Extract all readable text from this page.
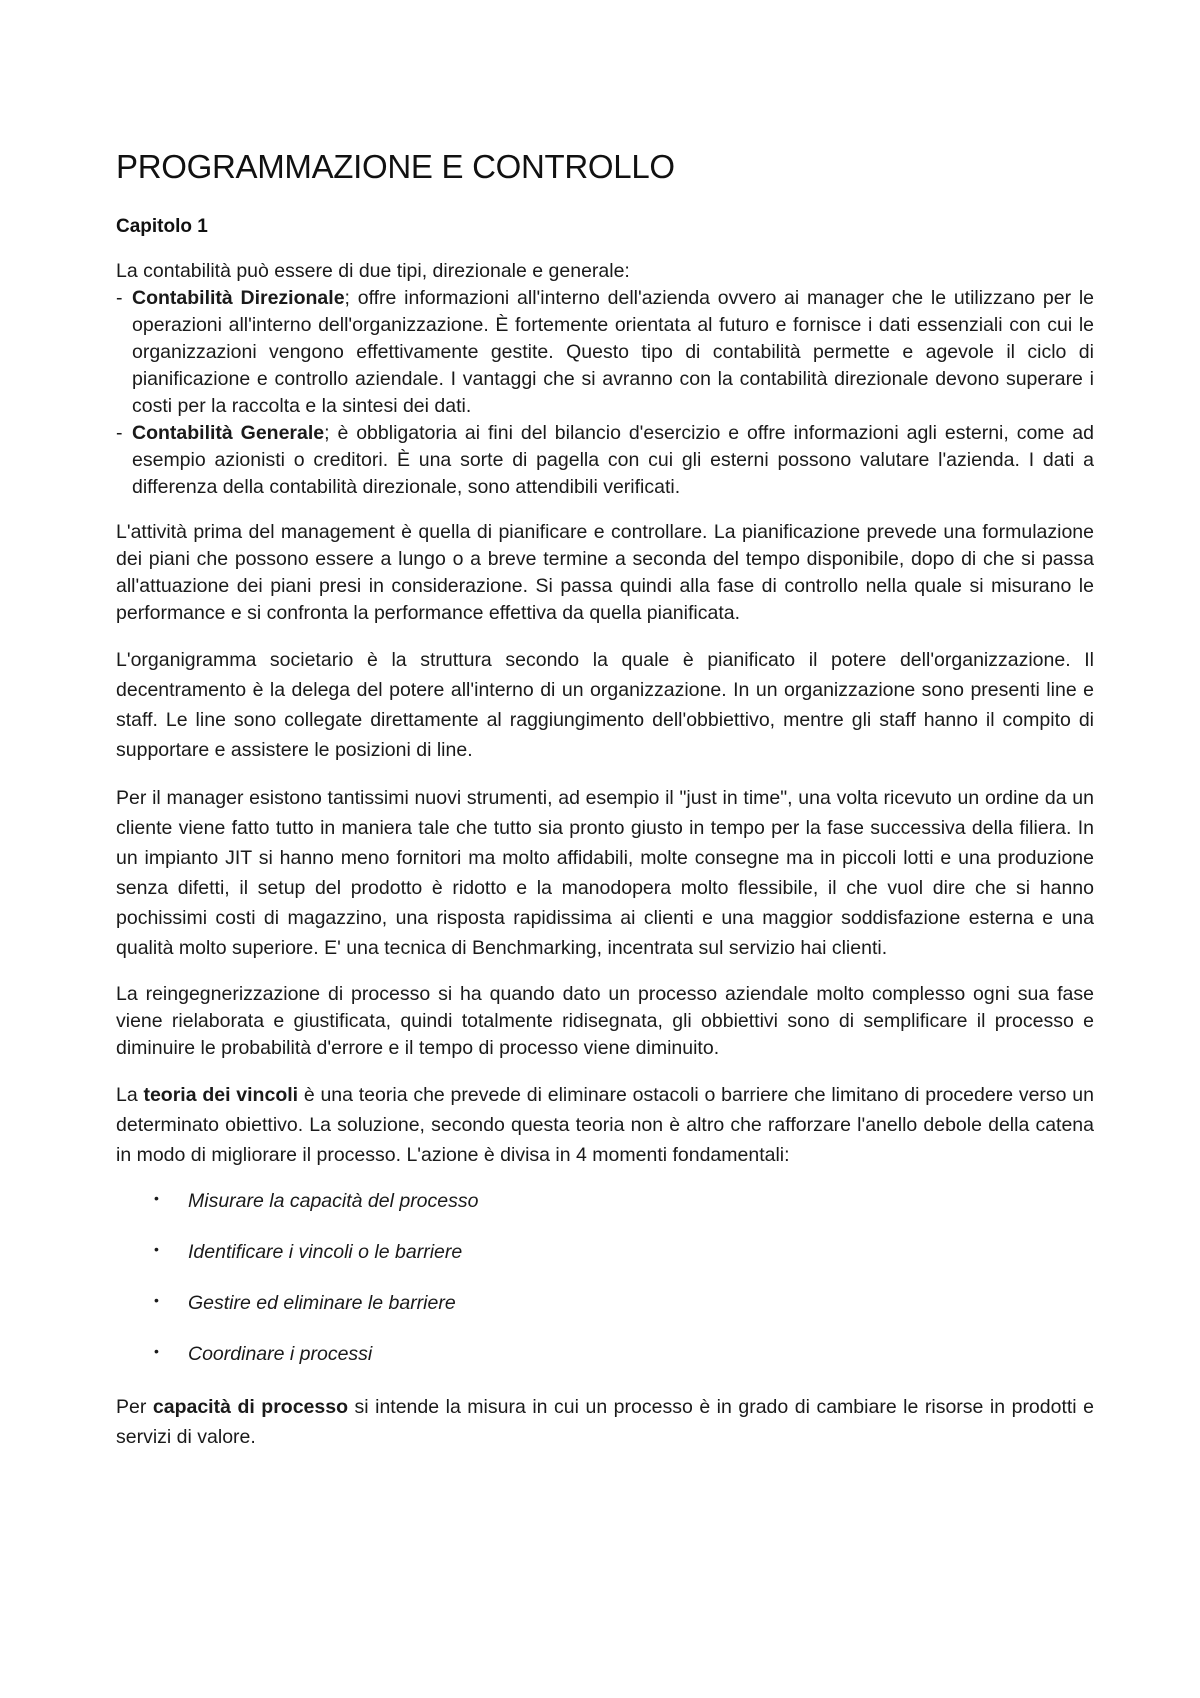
PROGRAMMAZIONE E CONTROLLO
Capitolo 1

La contabilità può essere di due tipi, direzionale e generale:

- Contabilità Direzionale; offre informazioni all'interno dell'azienda ovvero ai manager che le utilizzano per le operazioni all'interno dell'organizzazione. È fortemente orientata al futuro e fornisce i dati essenziali con cui le organizzazioni vengono effettivamente gestite. Questo tipo di contabilità permette e agevole il ciclo di pianificazione e controllo aziendale. I vantaggi che si avranno con la contabilità direzionale devono superare i costi per la raccolta e la sintesi dei dati.
- Contabilità Generale; è obbligatoria ai fini del bilancio d'esercizio e offre informazioni agli esterni, come ad esempio azionisti o creditori. È una sorte di pagella con cui gli esterni possono valutare l'azienda. I dati a differenza della contabilità direzionale, sono attendibili verificati.

L'attività prima del management è quella di pianificare e controllare. La pianificazione prevede una formulazione dei piani che possono essere a lungo o a breve termine a seconda del tempo disponibile, dopo di che si passa all'attuazione dei piani presi in considerazione. Si passa quindi alla fase di controllo nella quale si misurano le performance e si confronta la performance effettiva da quella pianificata.

L'organigramma societario è la struttura secondo la quale è pianificato il potere dell'organizzazione. Il decentramento è la delega del potere all'interno di un organizzazione. In un organizzazione sono presenti line e staff. Le line sono collegate direttamente al raggiungimento dell'obbiettivo, mentre gli staff hanno il compito di supportare e assistere le posizioni di line.

Per il manager esistono tantissimi nuovi strumenti, ad esempio il "just in time", una volta ricevuto un ordine da un cliente viene fatto tutto in maniera tale che tutto sia pronto giusto in tempo per la fase successiva della filiera. In un impianto JIT si hanno meno fornitori ma molto affidabili, molte consegne ma in piccoli lotti e una produzione senza difetti, il setup del prodotto è ridotto e la manodopera molto flessibile, il che vuol dire che si hanno pochissimi costi di magazzino, una risposta rapidissima ai clienti e una maggior soddisfazione esterna e una qualità molto superiore. E' una tecnica di Benchmarking, incentrata sul servizio hai clienti.

La reingegnerizzazione di processo si ha quando dato un processo aziendale molto complesso ogni sua fase viene rielaborata e giustificata, quindi totalmente ridisegnata, gli obbiettivi sono di semplificare il processo e diminuire le probabilità d'errore e il tempo di processo viene diminuito.

La teoria dei vincoli è una teoria che prevede di eliminare ostacoli o barriere che limitano di procedere verso un determinato obiettivo. La soluzione, secondo questa teoria non è altro che rafforzare l'anello debole della catena in modo di migliorare il processo. L'azione è divisa in 4 momenti fondamentali:

• Misurare la capacità del processo
• Identificare i vincoli o le barriere
• Gestire ed eliminare le barriere
• Coordinare i processi

Per capacità di processo si intende la misura in cui un processo è in grado di cambiare le risorse in prodotti e servizi di valore.
